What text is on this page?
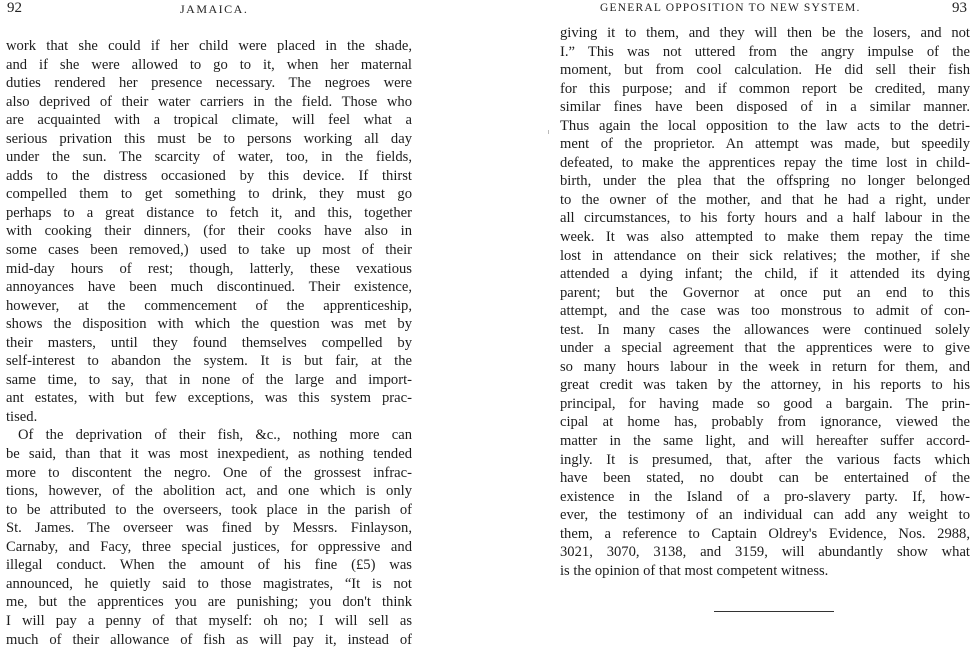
92	JAMAICA.
work that she could if her child were placed in the shade,
and if she were allowed to go to it, when her maternal
duties rendered her presence necessary. The negroes were
also deprived of their water carriers in the field. Those who
are acquainted with a tropical climate, will feel what a
serious privation this must be to persons working all day
under the sun. The scarcity of water, too, in the fields,
adds to the distress occasioned by this device. If thirst
compelled them to get something to drink, they must go
perhaps to a great distance to fetch it, and this, together
with cooking their dinners, (for their cooks have also in
some cases been removed,) used to take up most of their
mid-day hours of rest; though, latterly, these vexatious
annoyances have been much discontinued. Their existence,
however, at the commencement of the apprenticeship,
shows the disposition with which the question was met by
their masters, until they found themselves compelled by
self-interest to abandon the system. It is but fair, at the
same time, to say, that in none of the large and import-
ant estates, with but few exceptions, was this system prac-
tised.
Of the deprivation of their fish, &c., nothing more can
be said, than that it was most inexpedient, as nothing tended
more to discontent the negro. One of the grossest infrac-
tions, however, of the abolition act, and one which is only
to be attributed to the overseers, took place in the parish of
St. James. The overseer was fined by Messrs. Finlayson,
Carnaby, and Facy, three special justices, for oppressive and
illegal conduct. When the amount of his fine (£5) was
announced, he quietly said to those magistrates, “It is not
me, but the apprentices you are punishing; you don't think
I will pay a penny of that myself: oh no; I will sell as
much of their allowance of fish as will pay it, instead of
GENERAL OPPOSITION TO NEW SYSTEM.	93
giving it to them, and they will then be the losers, and not
I.” This was not uttered from the angry impulse of the
moment, but from cool calculation. He did sell their fish
for this purpose; and if common report be credited, many
similar fines have been disposed of in a similar manner.
Thus again the local opposition to the law acts to the detri-
ment of the proprietor. An attempt was made, but speedily
defeated, to make the apprentices repay the time lost in child-
birth, under the plea that the offspring no longer belonged
to the owner of the mother, and that he had a right, under
all circumstances, to his forty hours and a half labour in the
week. It was also attempted to make them repay the time
lost in attendance on their sick relatives; the mother, if she
attended a dying infant; the child, if it attended its dying
parent; but the Governor at once put an end to this
attempt, and the case was too monstrous to admit of con-
test. In many cases the allowances were continued solely
under a special agreement that the apprentices were to give
so many hours labour in the week in return for them, and
great credit was taken by the attorney, in his reports to his
principal, for having made so good a bargain. The prin-
cipal at home has, probably from ignorance, viewed the
matter in the same light, and will hereafter suffer accord-
ingly. It is presumed, that, after the various facts which
have been stated, no doubt can be entertained of the
existence in the Island of a pro-slavery party. If, how-
ever, the testimony of an individual can add any weight to
them, a reference to Captain Oldrey's Evidence, Nos. 2988,
3021, 3070, 3138, and 3159, will abundantly show what
is the opinion of that most competent witness.
